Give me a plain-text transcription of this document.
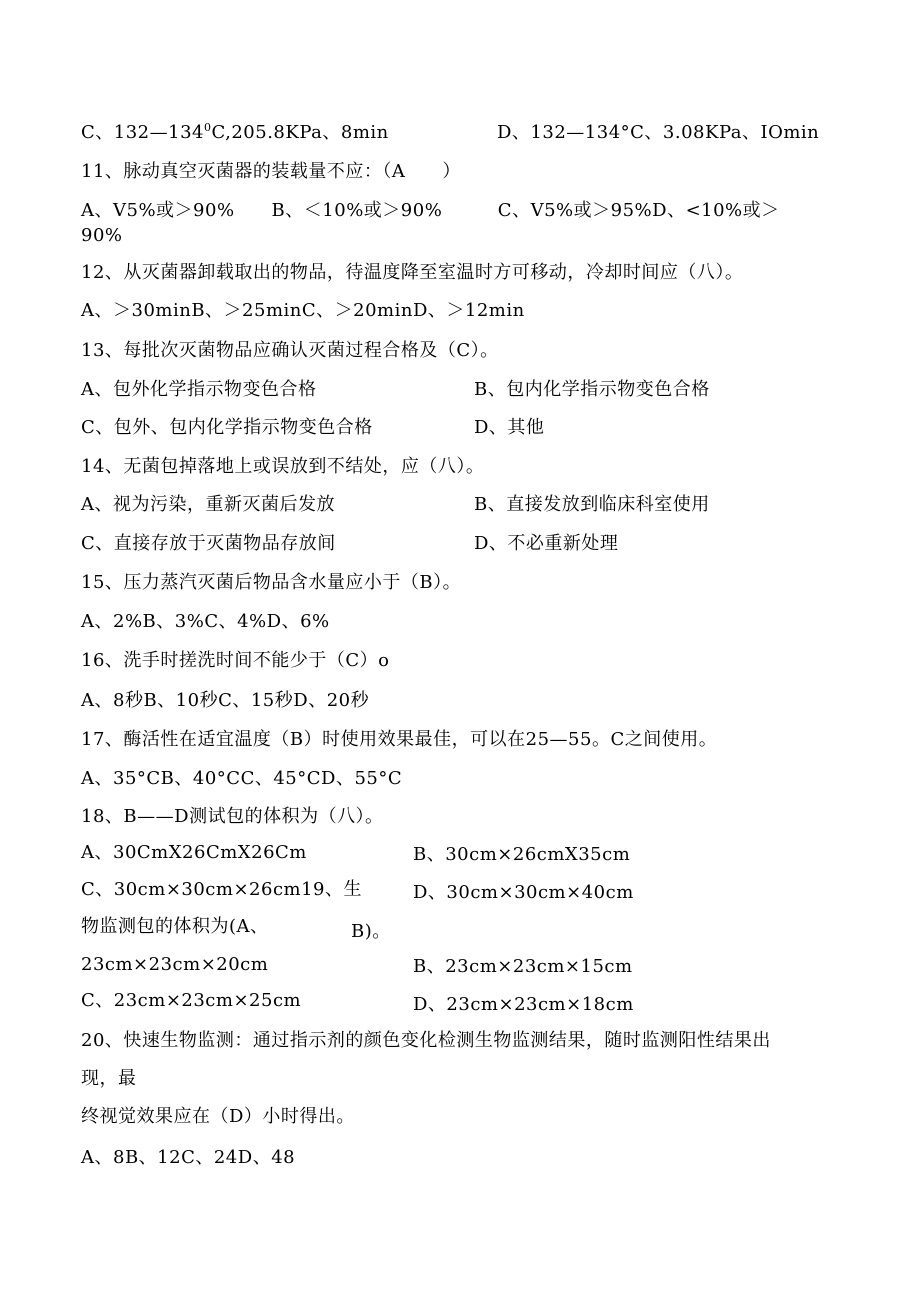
C、$132—134^0C,205.8KPa$、8min	D、132—134°C、3.08KPa、IOmin
11、脉动真空灭菌器的装载量不应：（A　　）
A、V5%或＞90%　　B、＜10%或＞90%　　　C、V5%或＞95%D、<10%或＞
90%
12、从灭菌器卸载取出的物品，待温度降至室温时方可移动，冷却时间应（八）。
A、＞30minB、＞25minC、＞20minD、＞12min
13、每批次灭菌物品应确认灭菌过程合格及（C）。
A、包外化学指示物变色合格	B、包内化学指示物变色合格
C、包外、包内化学指示物变色合格	D、其他
14、无菌包掉落地上或误放到不结处，应（八）。
A、视为污染，重新灭菌后发放	B、直接发放到临床科室使用
C、直接存放于灭菌物品存放间	D、不必重新处理
15、压力蒸汽灭菌后物品含水量应小于（B）。
A、2%B、3%C、4%D、6%
16、洗手时搓洗时间不能少于（C）o
A、8秒B、10秒C、15秒D、20秒
17、酶活性在适宜温度（B）时使用效果最佳，可以在25—55。C之间使用。
A、35°CB、40°CC、45°CD、55°C
18、B——D测试包的体积为（八）。
A、30CmX26CmX26Cm	B、30cm×26cmX35cm
C、30cm×30cm×26cm19、生	D、30cm×30cm×40cm
物监测包的体积为(A、	B)。
23cm×23cm×20cm	B、23cm×23cm×15cm
C、23cm×23cm×25cm	D、23cm×23cm×18cm
20、快速生物监测：通过指示剂的颜色变化检测生物监测结果，随时监测阳性结果出
现，最
终视觉效果应在（D）小时得出。
A、8B、12C、24D、48
